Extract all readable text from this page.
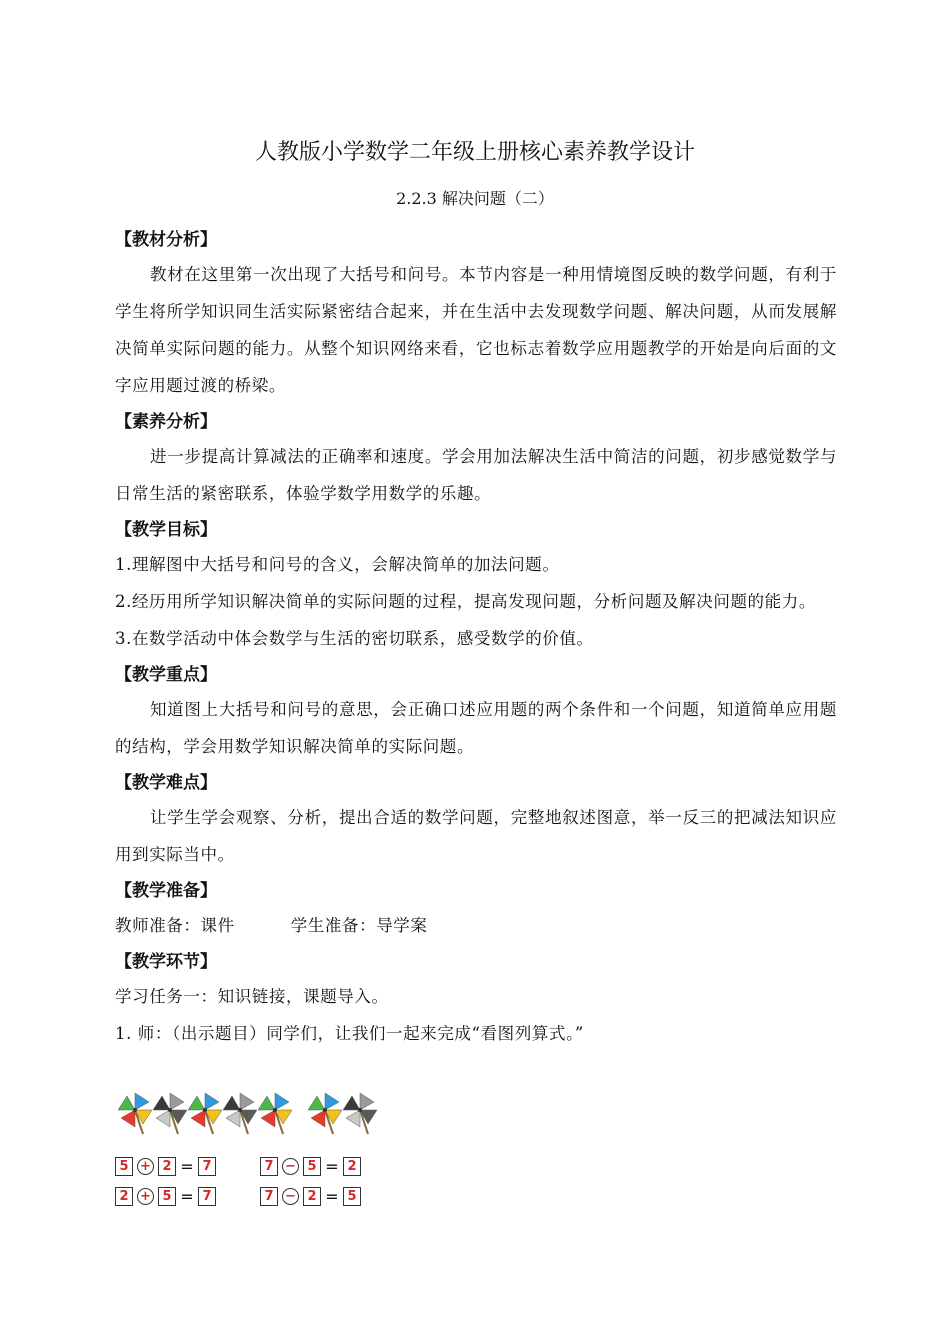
人教版小学数学二年级上册核心素养教学设计
2.2.3 解决问题（二）
【教材分析】
教材在这里第一次出现了大括号和问号。本节内容是一种用情境图反映的数学问题，有利于学生将所学知识同生活实际紧密结合起来，并在生活中去发现数学问题、解决问题，从而发展解决简单实际问题的能力。从整个知识网络来看，它也标志着数学应用题教学的开始是向后面的文字应用题过渡的桥梁。
【素养分析】
进一步提高计算减法的正确率和速度。学会用加法解决生活中简洁的问题，初步感觉数学与日常生活的紧密联系，体验学数学用数学的乐趣。
【教学目标】
1.理解图中大括号和问号的含义，会解决简单的加法问题。
2.经历用所学知识解决简单的实际问题的过程，提高发现问题，分析问题及解决问题的能力。
3.在数学活动中体会数学与生活的密切联系，感受数学的价值。
【教学重点】
知道图上大括号和问号的意思，会正确口述应用题的两个条件和一个问题，知道简单应用题的结构，学会用数学知识解决简单的实际问题。
【教学难点】
让学生学会观察、分析，提出合适的数学问题，完整地叙述图意，举一反三的把减法知识应用到实际当中。
【教学准备】
教师准备：课件	学生准备：导学案
【教学环节】
学习任务一：知识链接，课题导入。
1. 师：（出示题目）同学们，让我们一起来完成“看图列算式。”
5 + 2 = 7	7 − 5 = 2
2 + 5 = 7	7 − 2 = 5
